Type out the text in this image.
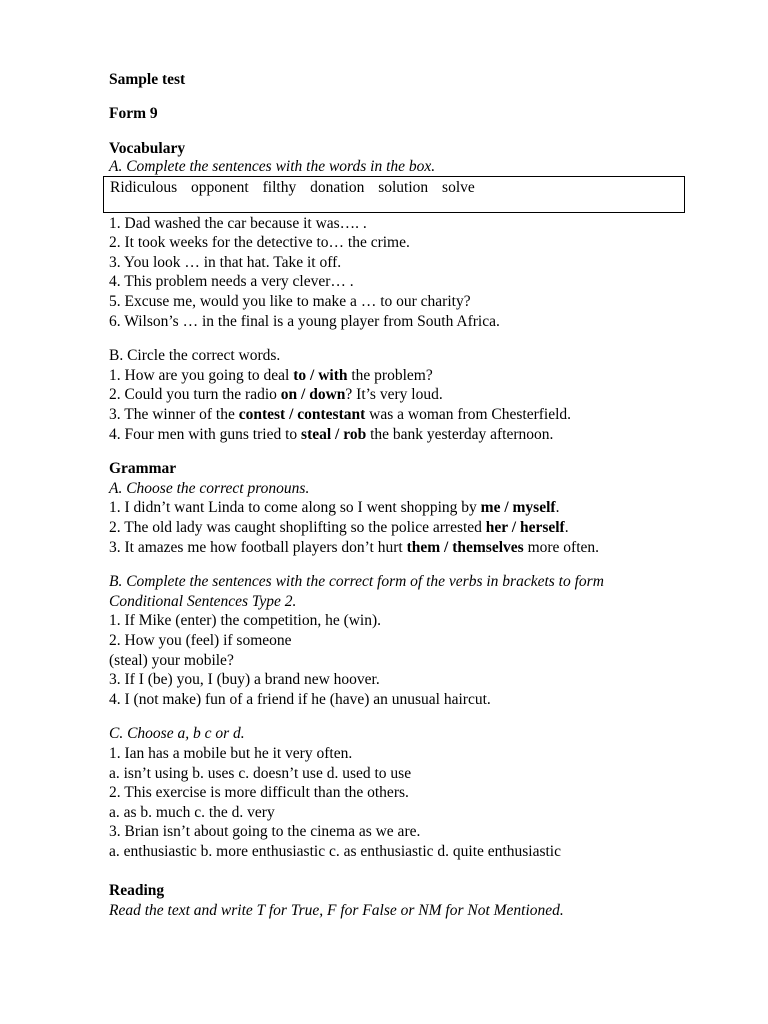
Sample test

Form 9

Vocabulary

A. Complete the sentences with the words in the box.

Ridiculous opponent filthy donation solution solve

1. Dad washed the car because it was…. .

2. It took weeks for the detective to… the crime.

3. You look … in that hat. Take it off.

4. This problem needs a very clever… .

5. Excuse me, would you like to make a … to our charity?

6. Wilson’s … in the final is a young player from South Africa.

B. Circle the correct words.

1. How are you going to deal to / with the problem?

2. Could you turn the radio on / down? It’s very loud.

3. The winner of the contest / contestant was a woman from Chesterfield.

4. Four men with guns tried to steal / rob the bank yesterday afternoon.

Grammar

A. Choose the correct pronouns.

1. I didn’t want Linda to come along so I went shopping by me / myself.

2. The old lady was caught shoplifting so the police arrested her / herself.

3. It amazes me how football players don’t hurt them / themselves more often.

B. Complete the sentences with the correct form of the verbs in brackets to form

Conditional Sentences Type 2.

1. If Mike (enter) the competition, he (win).

2. How you (feel) if someone

(steal) your mobile?

3. If I (be) you, I (buy) a brand new hoover.

4. I (not make) fun of a friend if he (have) an unusual haircut.

C. Choose a, b c or d.

1. Ian has a mobile but he it very often.

a. isn’t using b. uses c. doesn’t use d. used to use

2. This exercise is more difficult than the others.

a. as b. much c. the d. very

3. Brian isn’t about going to the cinema as we are.

a. enthusiastic b. more enthusiastic c. as enthusiastic d. quite enthusiastic

Reading

Read the text and write T for True, F for False or NM for Not Mentioned.
